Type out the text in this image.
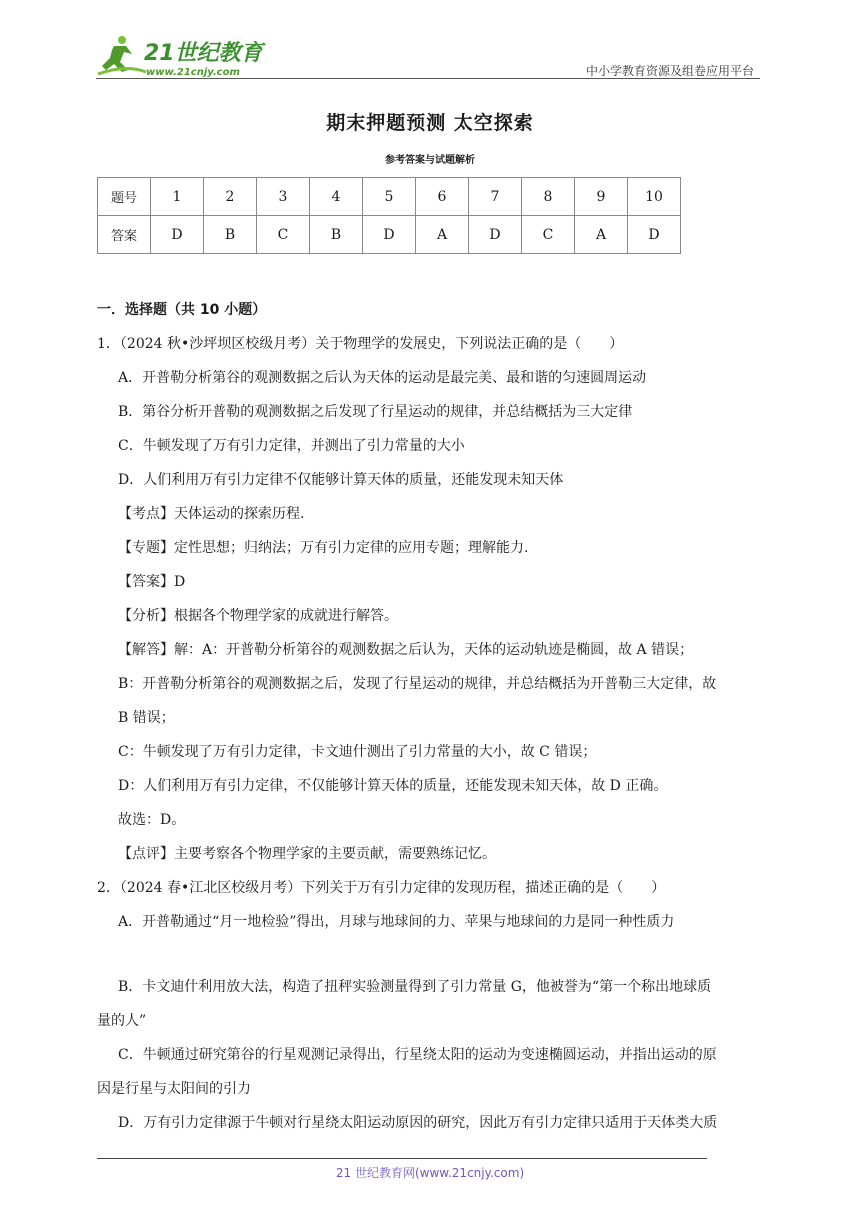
21世纪教育
www.21cnjy.com	中小学教育资源及组卷应用平台
期末押题预测 太空探索
参考答案与试题解析
题号	1	2	3	4	5	6	7	8	9	10
答案	D	B	C	B	D	A	D	C	A	D

一．选择题（共 10 小题）

1．（2024 秋•沙坪坝区校级月考）关于物理学的发展史，下列说法正确的是（　　）

A．开普勒分析第谷的观测数据之后认为天体的运动是最完美、最和谐的匀速圆周运动

B．第谷分析开普勒的观测数据之后发现了行星运动的规律，并总结概括为三大定律

C．牛顿发现了万有引力定律，并测出了引力常量的大小

D．人们利用万有引力定律不仅能够计算天体的质量，还能发现未知天体

【考点】天体运动的探索历程.

【专题】定性思想；归纳法；万有引力定律的应用专题；理解能力.

【答案】D

【分析】根据各个物理学家的成就进行解答。

【解答】解：A：开普勒分析第谷的观测数据之后认为，天体的运动轨迹是椭圆，故 A 错误；

B：开普勒分析第谷的观测数据之后，发现了行星运动的规律，并总结概括为开普勒三大定律，故

B 错误；

C：牛顿发现了万有引力定律，卡文迪什测出了引力常量的大小，故 C 错误；

D：人们利用万有引力定律，不仅能够计算天体的质量，还能发现未知天体，故 D 正确。

故选：D。

【点评】主要考察各个物理学家的主要贡献，需要熟练记忆。

2．（2024 春•江北区校级月考）下列关于万有引力定律的发现历程，描述正确的是（　　）

A．开普勒通过“月一地检验”得出，月球与地球间的力、苹果与地球间的力是同一种性质力

B．卡文迪什利用放大法，构造了扭秤实验测量得到了引力常量 G，他被誉为“第一个称出地球质

量的人”

C．牛顿通过研究第谷的行星观测记录得出，行星绕太阳的运动为变速椭圆运动，并指出运动的原

因是行星与太阳间的引力

D．万有引力定律源于牛顿对行星绕太阳运动原因的研究，因此万有引力定律只适用于天体类大质

21 世纪教育网(www.21cnjy.com)
